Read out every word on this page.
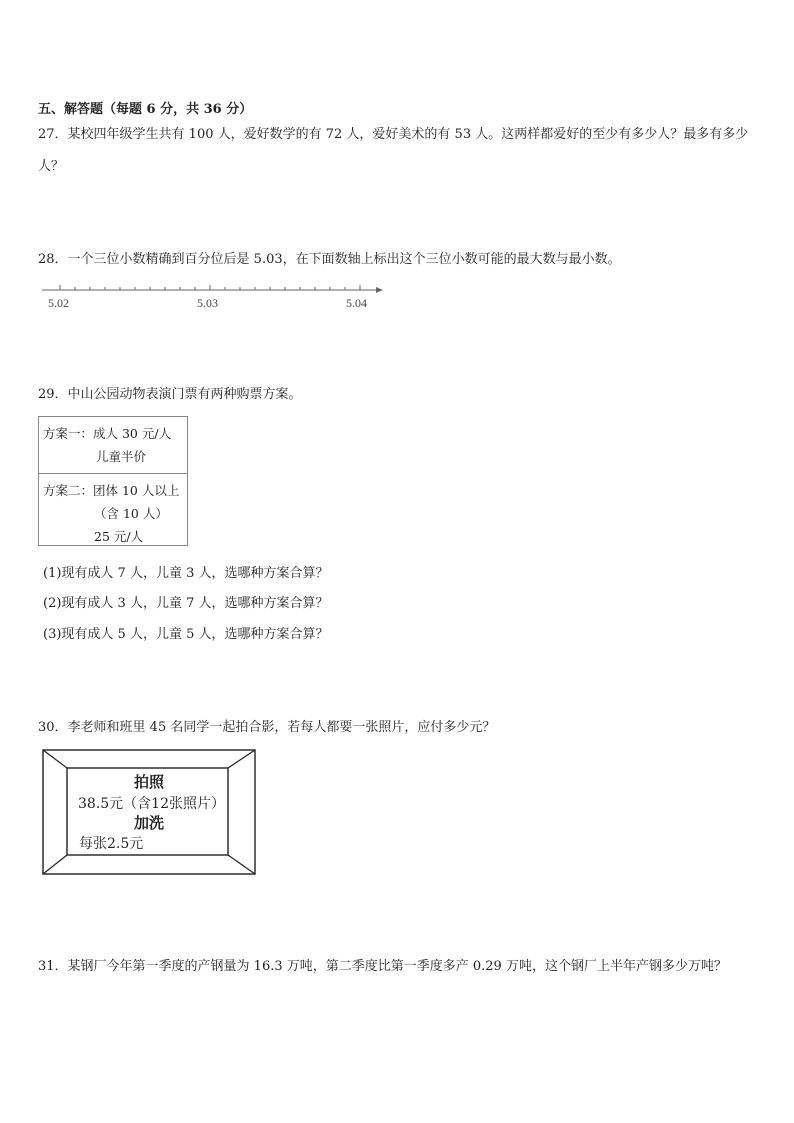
五、解答题（每题 6 分，共 36 分）
27．某校四年级学生共有 100 人，爱好数学的有 72 人，爱好美术的有 53 人。这两样都爱好的至少有多少人？最多有多少人？
28．一个三位小数精确到百分位后是 5.03，在下面数轴上标出这个三位小数可能的最大数与最小数。
5.02	5.03	5.04
29．中山公园动物表演门票有两种购票方案。
方案一：成人 30 元/人
儿童半价
方案二：团体 10 人以上
（含 10 人）
25 元/人
(1)现有成人 7 人，儿童 3 人，选哪种方案合算？
(2)现有成人 3 人，儿童 7 人，选哪种方案合算？
(3)现有成人 5 人，儿童 5 人，选哪种方案合算？
30．李老师和班里 45 名同学一起拍合影，若每人都要一张照片，应付多少元？
拍照
38.5元（含12张照片）
加洗
每张2.5元
31．某钢厂今年第一季度的产钢量为 16.3 万吨，第二季度比第一季度多产 0.29 万吨，这个钢厂上半年产钢多少万吨？
